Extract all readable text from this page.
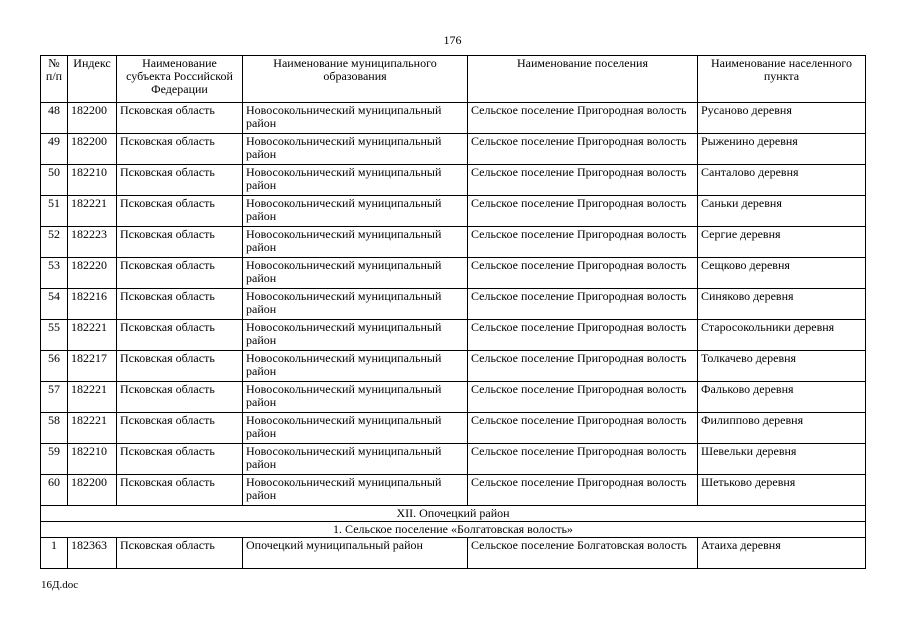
176
№ п/п	Индекс	Наименование субъекта Российской Федерации	Наименование муниципального образования	Наименование поселения	Наименование населенного пункта
48	182200	Псковская область	Новосокольнический муниципальный район	Сельское поселение Пригородная волость	Русаново деревня
49	182200	Псковская область	Новосокольнический муниципальный район	Сельское поселение Пригородная волость	Рыженино деревня
50	182210	Псковская область	Новосокольнический муниципальный район	Сельское поселение Пригородная волость	Санталово деревня
51	182221	Псковская область	Новосокольнический муниципальный район	Сельское поселение Пригородная волость	Саньки деревня
52	182223	Псковская область	Новосокольнический муниципальный район	Сельское поселение Пригородная волость	Сергие деревня
53	182220	Псковская область	Новосокольнический муниципальный район	Сельское поселение Пригородная волость	Сещково деревня
54	182216	Псковская область	Новосокольнический муниципальный район	Сельское поселение Пригородная волость	Синяково деревня
55	182221	Псковская область	Новосокольнический муниципальный район	Сельское поселение Пригородная волость	Старосокольники деревня
56	182217	Псковская область	Новосокольнический муниципальный район	Сельское поселение Пригородная волость	Толкачево деревня
57	182221	Псковская область	Новосокольнический муниципальный район	Сельское поселение Пригородная волость	Фальково деревня
58	182221	Псковская область	Новосокольнический муниципальный район	Сельское поселение Пригородная волость	Филиппово деревня
59	182210	Псковская область	Новосокольнический муниципальный район	Сельское поселение Пригородная волость	Шевельки деревня
60	182200	Псковская область	Новосокольнический муниципальный район	Сельское поселение Пригородная волость	Шетьково деревня
XII. Опочецкий район					
1. Сельское поселение «Болгатовская волость»					
1	182363	Псковская область	Опочецкий муниципальный район	Сельское поселение Болгатовская волость	Атаиха деревня
16Д.doc
